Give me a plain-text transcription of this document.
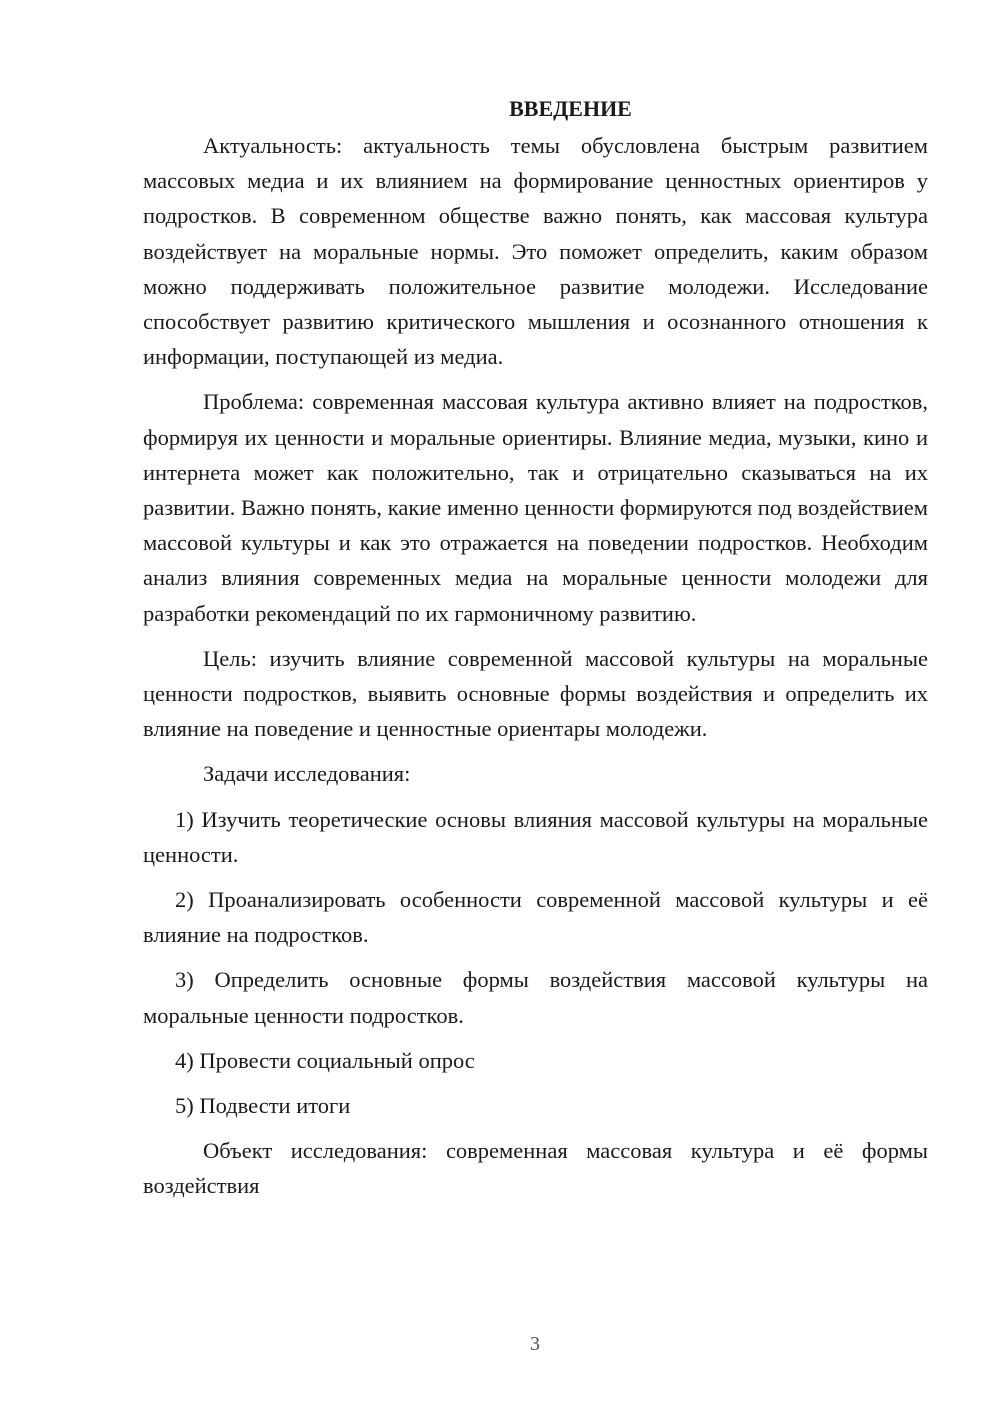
ВВЕДЕНИЕ

Актуальность: актуальность темы обусловлена быстрым развитием массовых медиа и их влиянием на формирование ценностных ориентиров у подростков. В современном обществе важно понять, как массовая культура воздействует на моральные нормы. Это поможет определить, каким образом можно поддерживать положительное развитие молодежи. Исследование способствует развитию критического мышления и осознанного отношения к информации, поступающей из медиа.

Проблема: современная массовая культура активно влияет на подростков, формируя их ценности и моральные ориентиры. Влияние медиа, музыки, кино и интернета может как положительно, так и отрицательно сказываться на их развитии. Важно понять, какие именно ценности формируются под воздействием массовой культуры и как это отражается на поведении подростков. Необходим анализ влияния современных медиа на моральные ценности молодежи для разработки рекомендаций по их гармоничному развитию.

Цель: изучить влияние современной массовой культуры на моральные ценности подростков, выявить основные формы воздействия и определить их влияние на поведение и ценностные ориентары молодежи.

Задачи исследования:

1) Изучить теоретические основы влияния массовой культуры на моральные ценности.

2) Проанализировать особенности современной массовой культуры и её влияние на подростков.

3) Определить основные формы воздействия массовой культуры на моральные ценности подростков.

4) Провести социальный опрос

5) Подвести итоги

Объект исследования: современная массовая культура и её формы воздействия

3
